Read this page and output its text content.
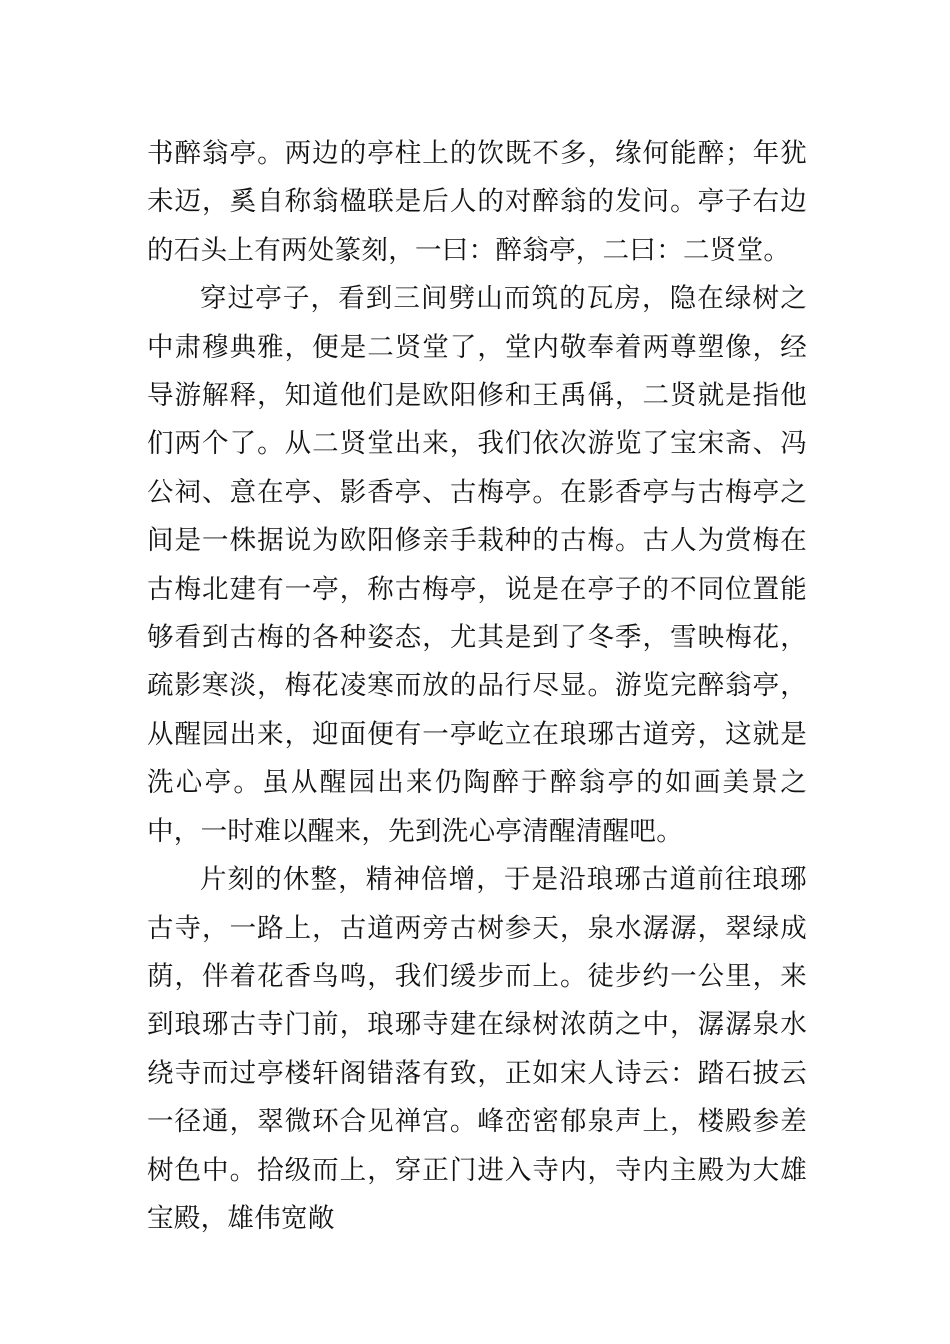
书醉翁亭。两边的亭柱上的饮既不多，缘何能醉；年犹未迈，奚自称翁楹联是后人的对醉翁的发问。亭子右边的石头上有两处篆刻，一曰：醉翁亭，二曰：二贤堂。

穿过亭子，看到三间劈山而筑的瓦房，隐在绿树之中肃穆典雅，便是二贤堂了，堂内敬奉着两尊塑像，经导游解释，知道他们是欧阳修和王禹偁，二贤就是指他们两个了。从二贤堂出来，我们依次游览了宝宋斋、冯公祠、意在亭、影香亭、古梅亭。在影香亭与古梅亭之间是一株据说为欧阳修亲手栽种的古梅。古人为赏梅在古梅北建有一亭，称古梅亭，说是在亭子的不同位置能够看到古梅的各种姿态，尤其是到了冬季，雪映梅花，疏影寒淡，梅花凌寒而放的品行尽显。游览完醉翁亭，从醒园出来，迎面便有一亭屹立在琅琊古道旁，这就是洗心亭。虽从醒园出来仍陶醉于醉翁亭的如画美景之中，一时难以醒来，先到洗心亭清醒清醒吧。

片刻的休整，精神倍增，于是沿琅琊古道前往琅琊古寺，一路上，古道两旁古树参天，泉水潺潺，翠绿成荫，伴着花香鸟鸣，我们缓步而上。徒步约一公里，来到琅琊古寺门前，琅琊寺建在绿树浓荫之中，潺潺泉水绕寺而过亭楼轩阁错落有致，正如宋人诗云：踏石披云一径通，翠微环合见禅宫。峰峦密郁泉声上，楼殿参差树色中。拾级而上，穿正门进入寺内，寺内主殿为大雄宝殿，雄伟宽敞
